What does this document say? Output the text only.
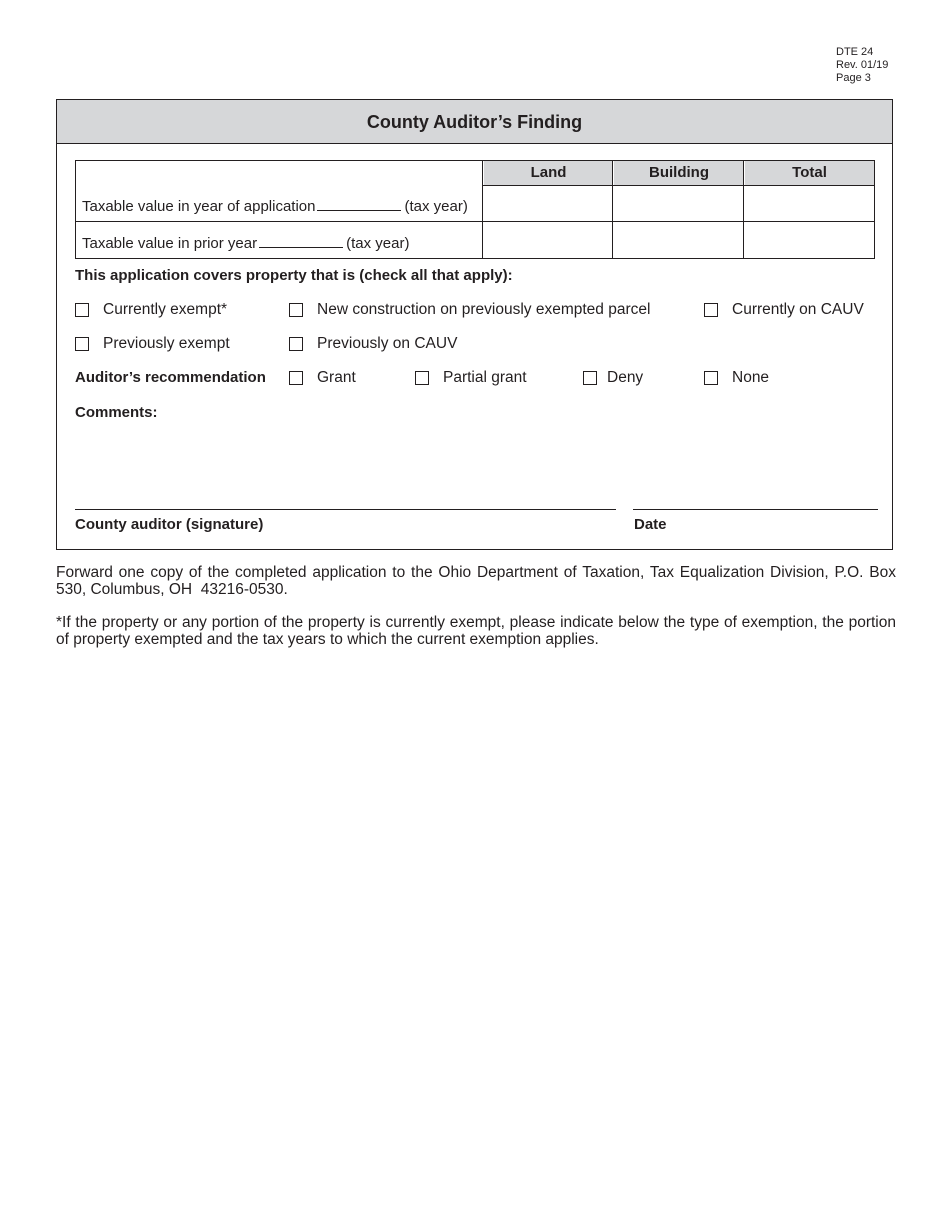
DTE 24
Rev. 01/19
Page 3
County Auditor’s Finding
Land	Building	Total
Taxable value in year of application	(tax year)
Taxable value in prior year	(tax year)
This application covers property that is (check all that apply):
Currently exempt*	New construction on previously exempted parcel	Currently on CAUV
Previously exempt	Previously on CAUV
Auditor’s recommendation	Grant	Partial grant	Deny	None
Comments:
County auditor (signature)	Date
Forward one copy of the completed application to the Ohio Department of Taxation, Tax Equalization Division, P.O. Box 530, Columbus, OH  43216-0530.
*If the property or any portion of the property is currently exempt, please indicate below the type of exemption, the portion of property exempted and the tax years to which the current exemption applies.
